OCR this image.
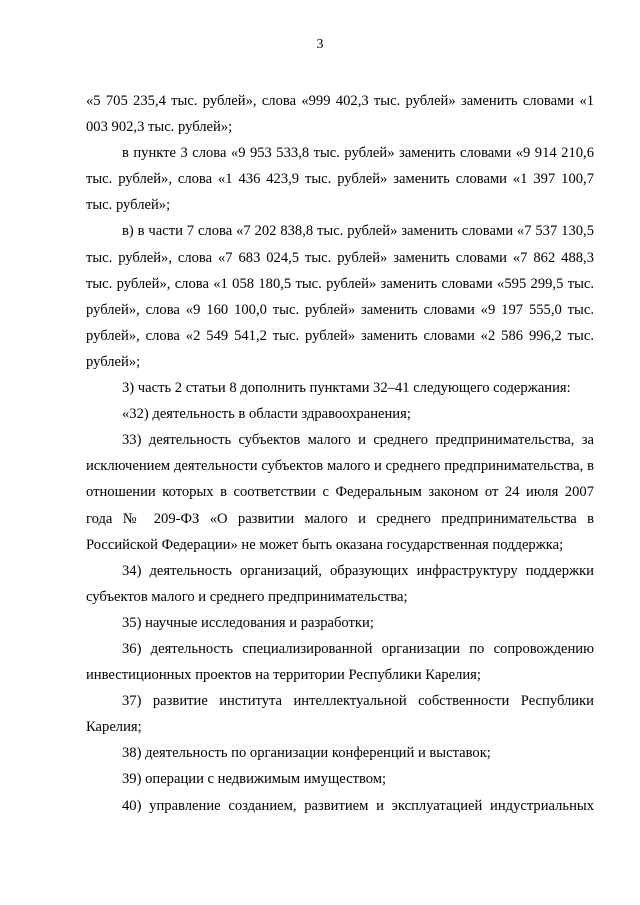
3

«5 705 235,4 тыс. рублей», слова «999 402,3 тыс. рублей» заменить словами «1 003 902,3 тыс. рублей»;

в пункте 3 слова «9 953 533,8 тыс. рублей» заменить словами «9 914 210,6 тыс. рублей», слова «1 436 423,9 тыс. рублей» заменить словами «1 397 100,7 тыс. рублей»;

в) в части 7 слова «7 202 838,8 тыс. рублей» заменить словами «7 537 130,5 тыс. рублей», слова «7 683 024,5 тыс. рублей» заменить словами «7 862 488,3 тыс. рублей», слова «1 058 180,5 тыс. рублей» заменить словами «595 299,5 тыс. рублей», слова «9 160 100,0 тыс. рублей» заменить словами «9 197 555,0 тыс. рублей», слова «2 549 541,2 тыс. рублей» заменить словами «2 586 996,2 тыс. рублей»;

3) часть 2 статьи 8 дополнить пунктами 32–41 следующего содержания:

«32) деятельность в области здравоохранения;

33) деятельность субъектов малого и среднего предпринимательства, за исключением деятельности субъектов малого и среднего предпринимательства, в отношении которых в соответствии с Федеральным законом от 24 июля 2007 года № 209-ФЗ «О развитии малого и среднего предпринимательства в Российской Федерации» не может быть оказана государственная поддержка;

34) деятельность организаций, образующих инфраструктуру поддержки субъектов малого и среднего предпринимательства;

35) научные исследования и разработки;

36) деятельность специализированной организации по сопровождению инвестиционных проектов на территории Республики Карелия;

37) развитие института интеллектуальной собственности Республики Карелия;

38) деятельность по организации конференций и выставок;

39) операции с недвижимым имуществом;

40) управление созданием, развитием и эксплуатацией индустриальных
